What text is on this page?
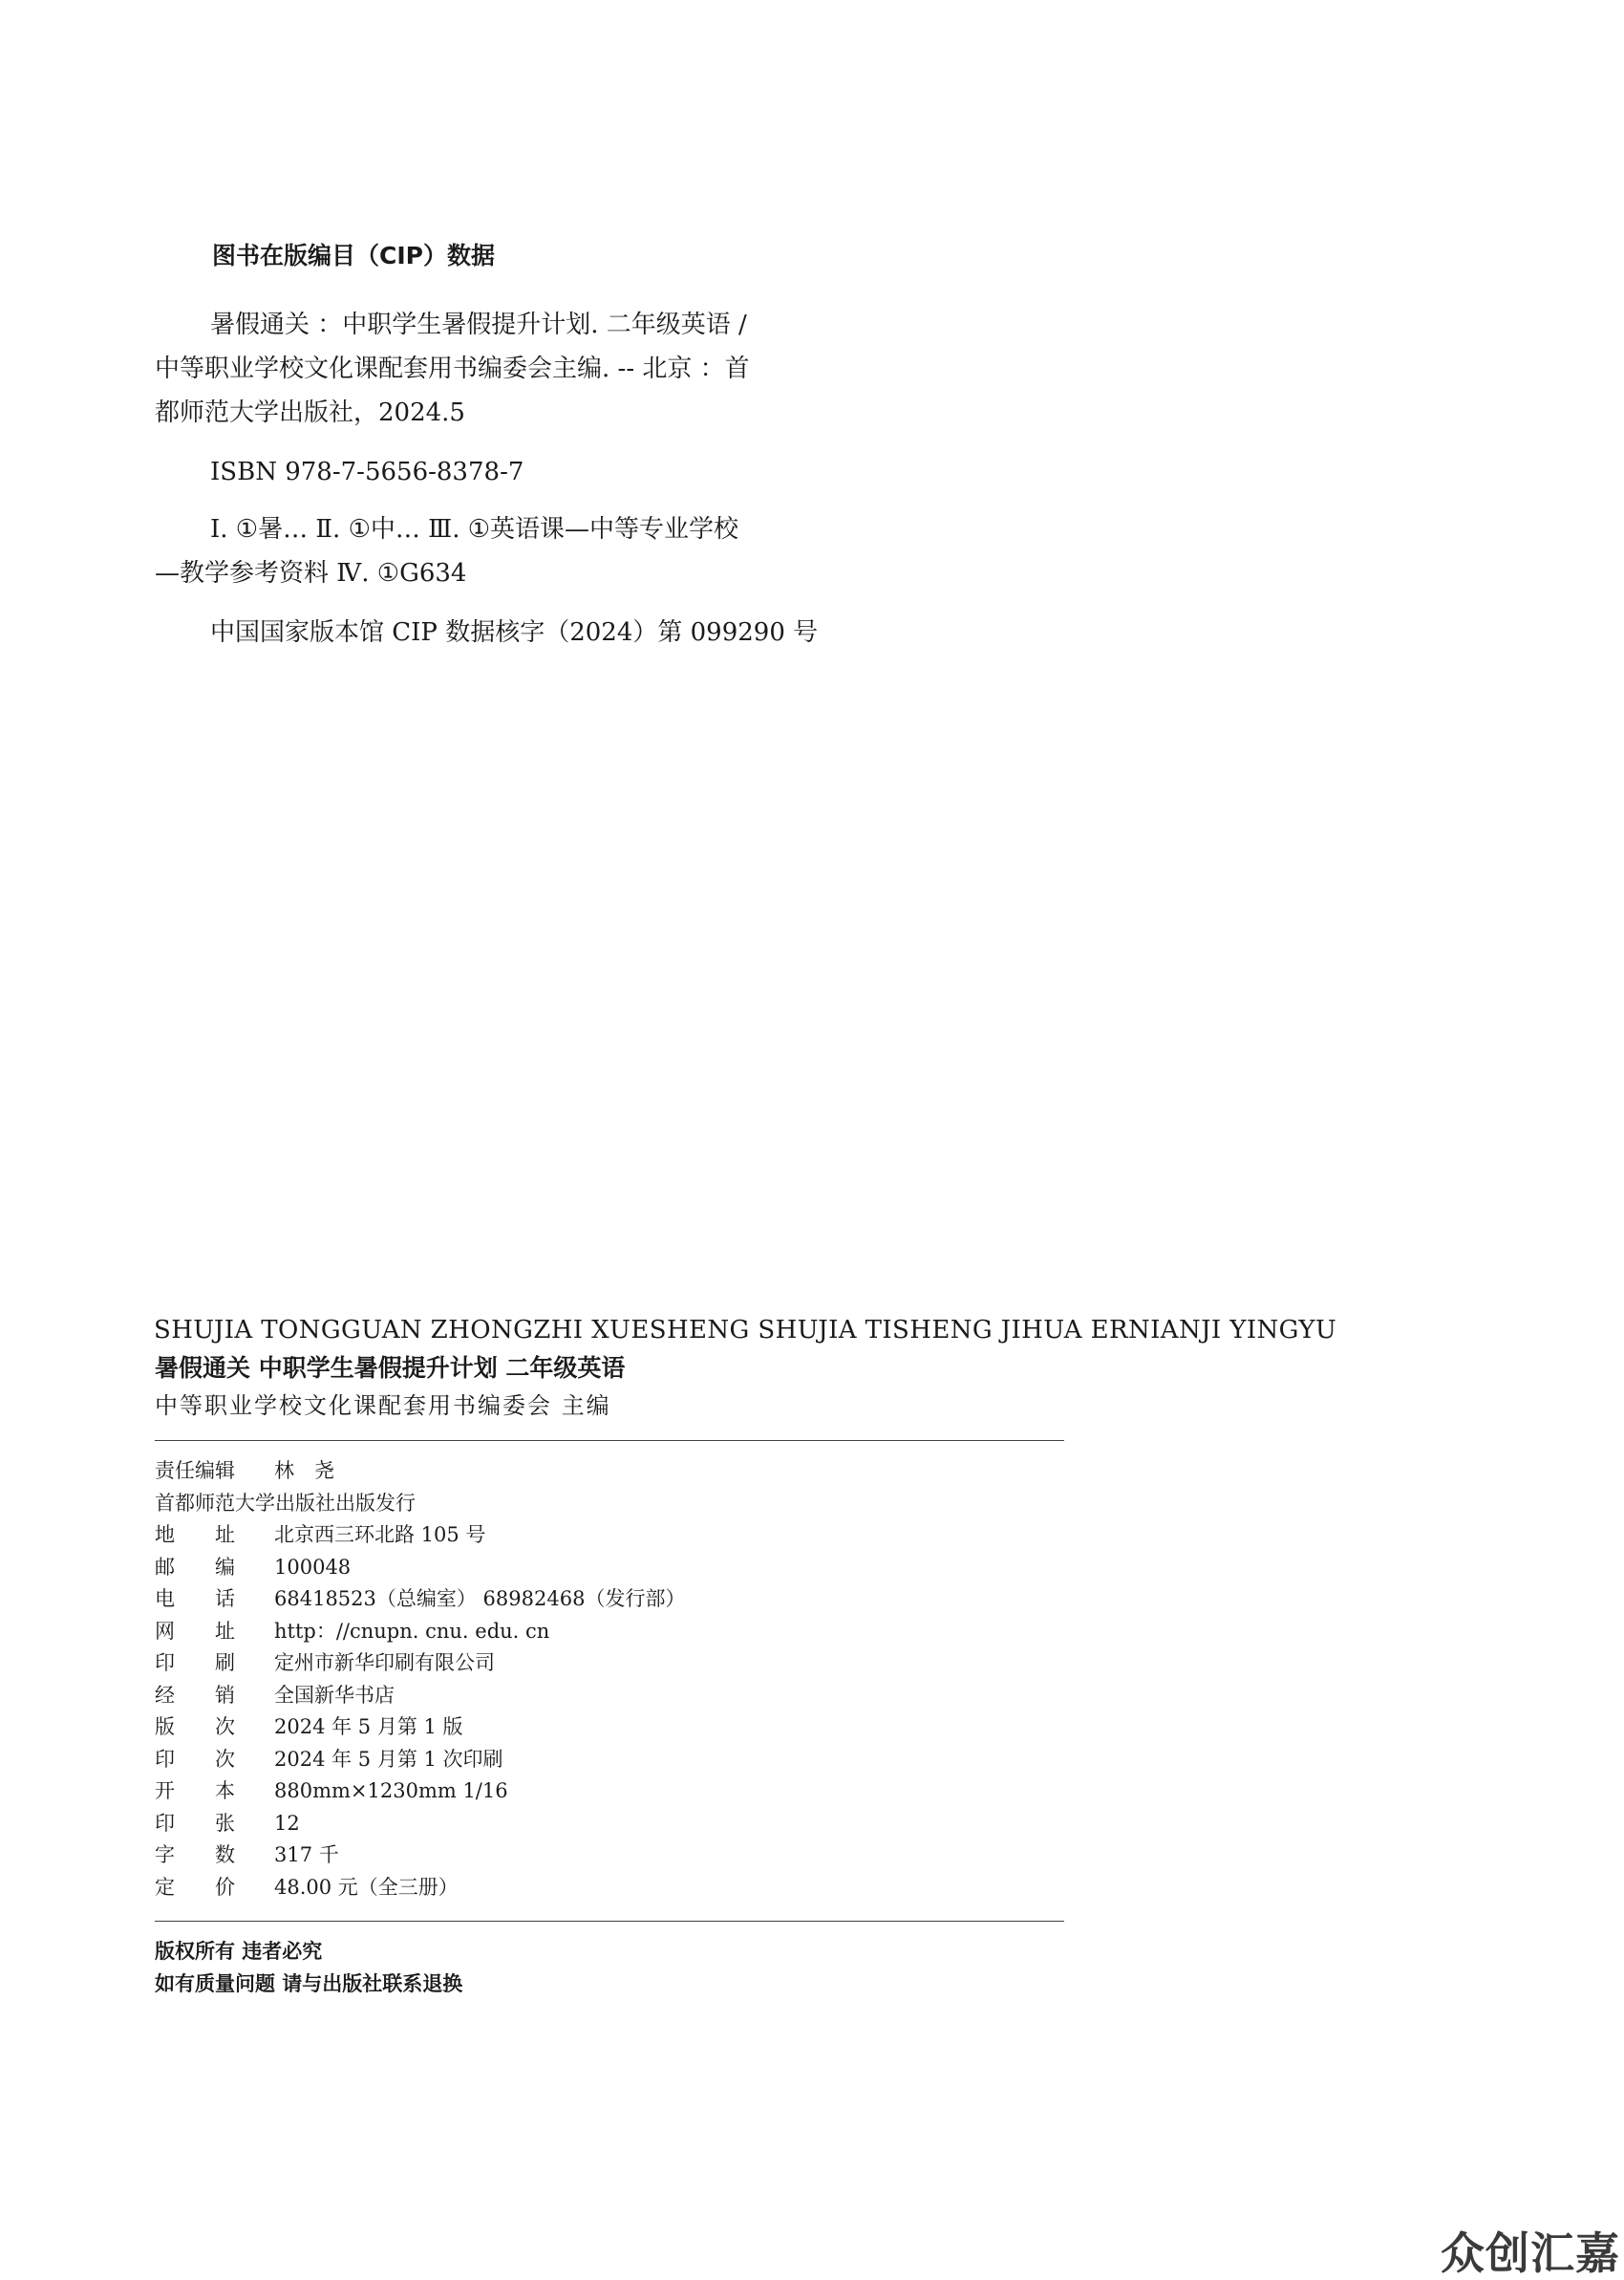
图书在版编目（CIP）数据
暑假通关 ：中职学生暑假提升计划. 二年级英语 /
中等职业学校文化课配套用书编委会主编. -- 北京 ：首
都师范大学出版社，2024.5
ISBN 978-7-5656-8378-7
Ⅰ. ①暑… Ⅱ. ①中… Ⅲ. ①英语课—中等专业学校
—教学参考资料 Ⅳ. ①G634
中国国家版本馆 CIP 数据核字（2024）第 099290 号
SHUJIA TONGGUAN ZHONGZHI XUESHENG SHUJIA TISHENG JIHUA ERNIANJI YINGYU
暑假通关 中职学生暑假提升计划 二年级英语
中等职业学校文化课配套用书编委会 主编
责任编辑 林　尧
首都师范大学出版社出版发行
地　　址 北京西三环北路 105 号
邮　　编 100048
电　　话 68418523（总编室） 68982468（发行部）
网　　址 http：//cnupn. cnu. edu. cn
印　　刷 定州市新华印刷有限公司
经　　销 全国新华书店
版　　次 2024 年 5 月第 1 版
印　　次 2024 年 5 月第 1 次印刷
开　　本 880mm×1230mm 1/16
印　　张 12
字　　数 317 千
定　　价 48.00 元（全三册）
版权所有 违者必究
如有质量问题 请与出版社联系退换
众创汇嘉
